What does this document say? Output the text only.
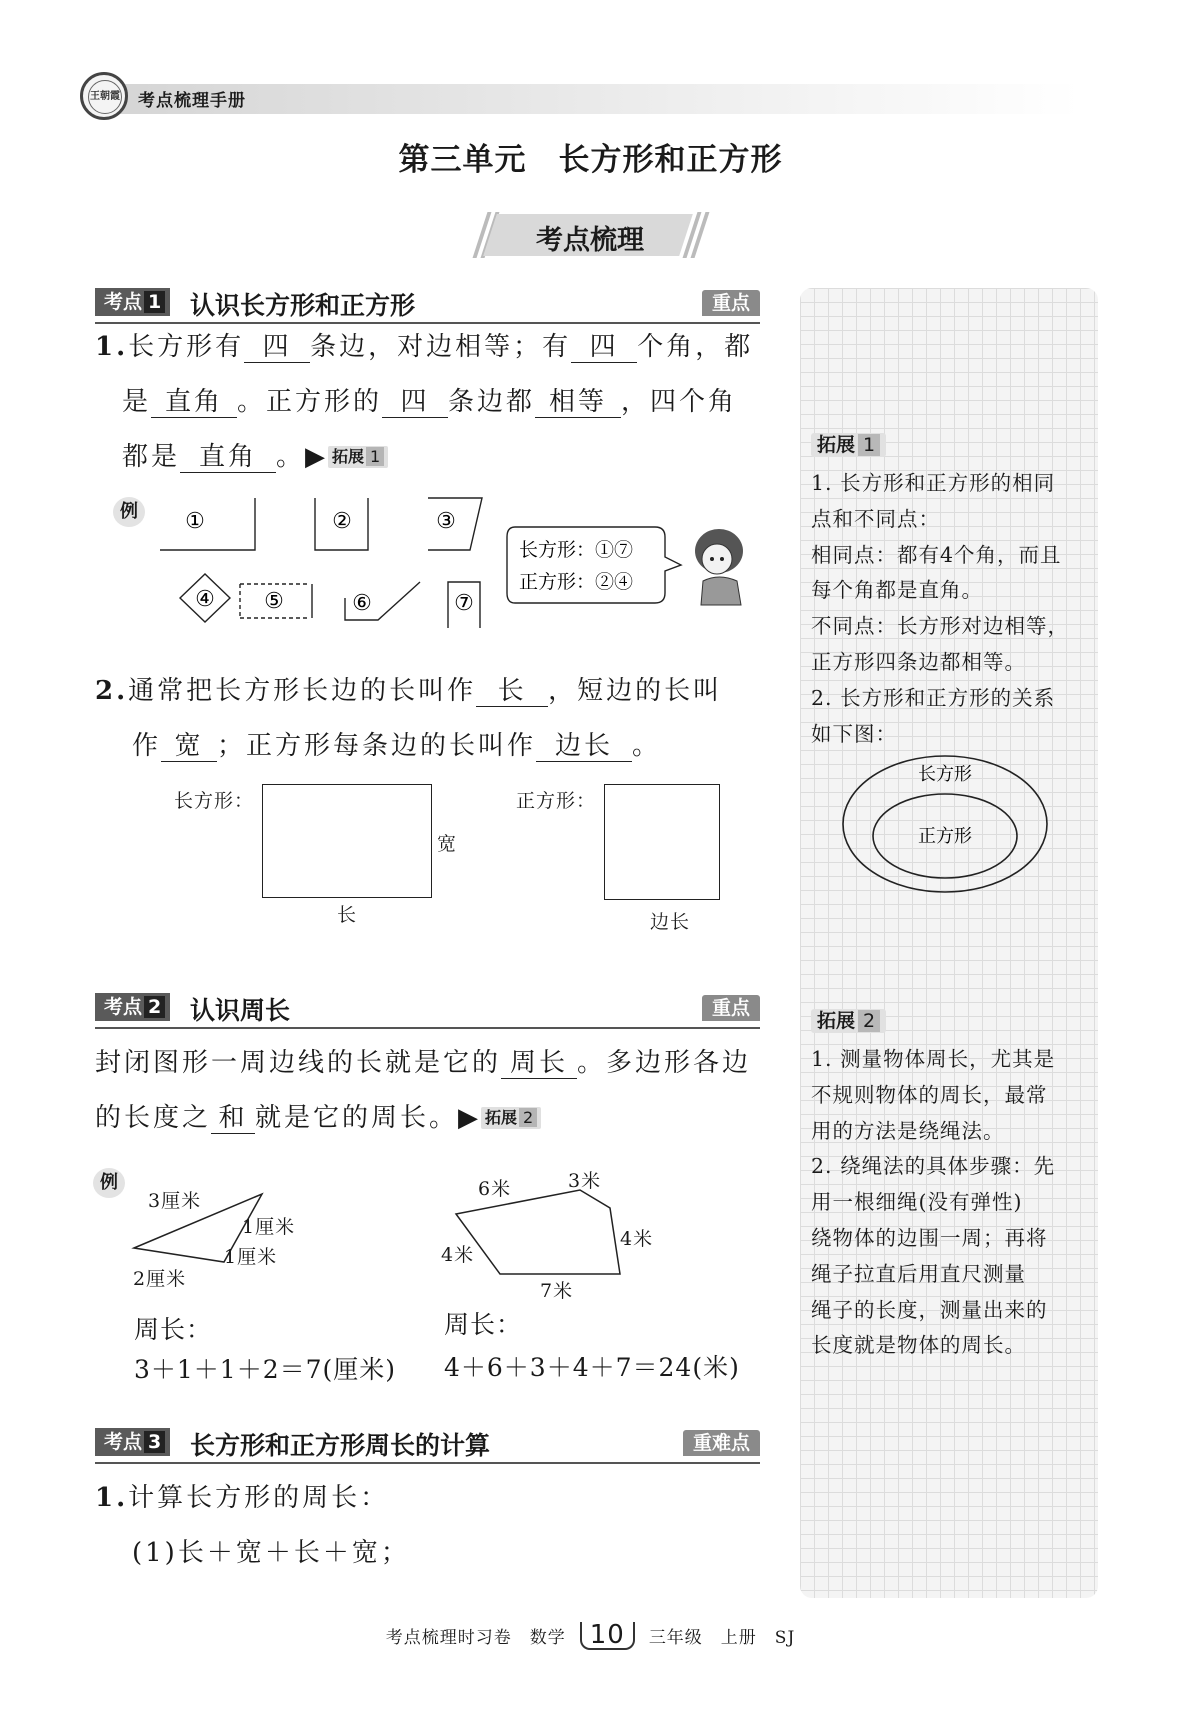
王朝霞 考点梳理手册
第三单元　长方形和正方形
考点梳理
拓展 1
1. 长方形和正方形的相同
点和不同点：
相同点：都有4个角，而且
每个角都是直角。
不同点：长方形对边相等，
正方形四条边都相等。
2. 长方形和正方形的关系
如下图：
长方形
正方形
拓展 2
1. 测量物体周长，尤其是
不规则物体的周长，最常
用的方法是绕绳法。
2. 绕绳法的具体步骤：先
用一根细绳(没有弹性)
绕物体的边围一周；再将
绳子拉直后用直尺测量
绳子的长度，测量出来的
长度就是物体的周长。
考点 1	认识长方形和正方形	重点
1.长方形有 四 条边，对边相等；有 四 个角，都
是 直角 。正方形的 四 条边都 相等 ，四个角
都是 直角 。▶ 拓展 1
例	①	②	③
④ ⑤	⑥	⑦
长方形：①⑦
正方形：②④
2.通常把长方形长边的长叫作 长 ，短边的长叫
作 宽 ；正方形每条边的长叫作 边长 。
长方形：
宽
长
正方形：
边长
考点 2	认识周长	重点
封闭图形一周边线的长就是它的 周长 。多边形各边
的长度之 和 就是它的周长。▶ 拓展 2
例
3厘米
1厘米
1厘米
2厘米
6米	3米
4米
4米
7米
周长：
3＋1＋1＋2＝7(厘米)
周长：
4＋6＋3＋4＋7＝24(米)
考点 3	长方形和正方形周长的计算	重难点
1.计算长方形的周长：
(1)长＋宽＋长＋宽；
考点梳理时习卷　数学 10 三年级　上册　SJ
